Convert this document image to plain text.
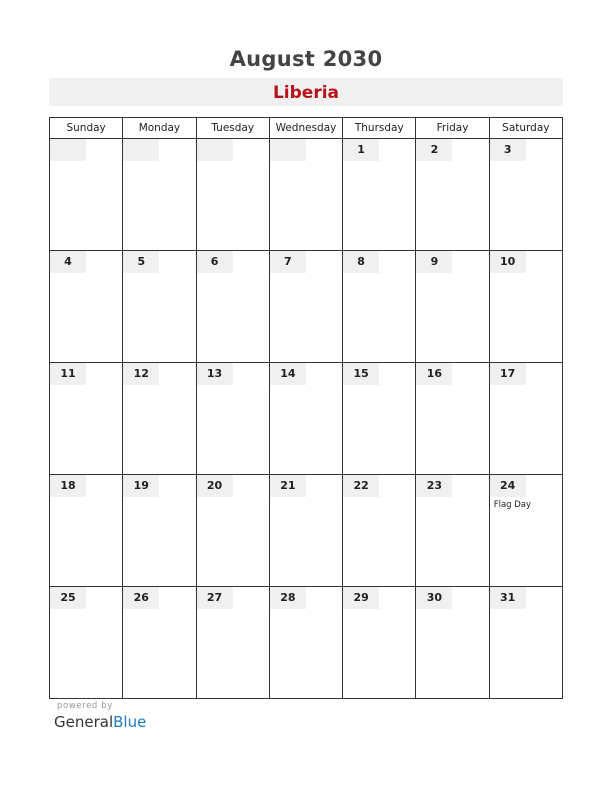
August 2030
Liberia
Sunday	Monday	Tuesday	Wednesday	Thursday	Friday	Saturday

				1	2	3

4	5	6	7	8	9	10

11	12	13	14	15	16	17

18	19	20	21	22	23	24
Flag Day

25	26	27	28	29	30	31
powered by
GeneralBlue
